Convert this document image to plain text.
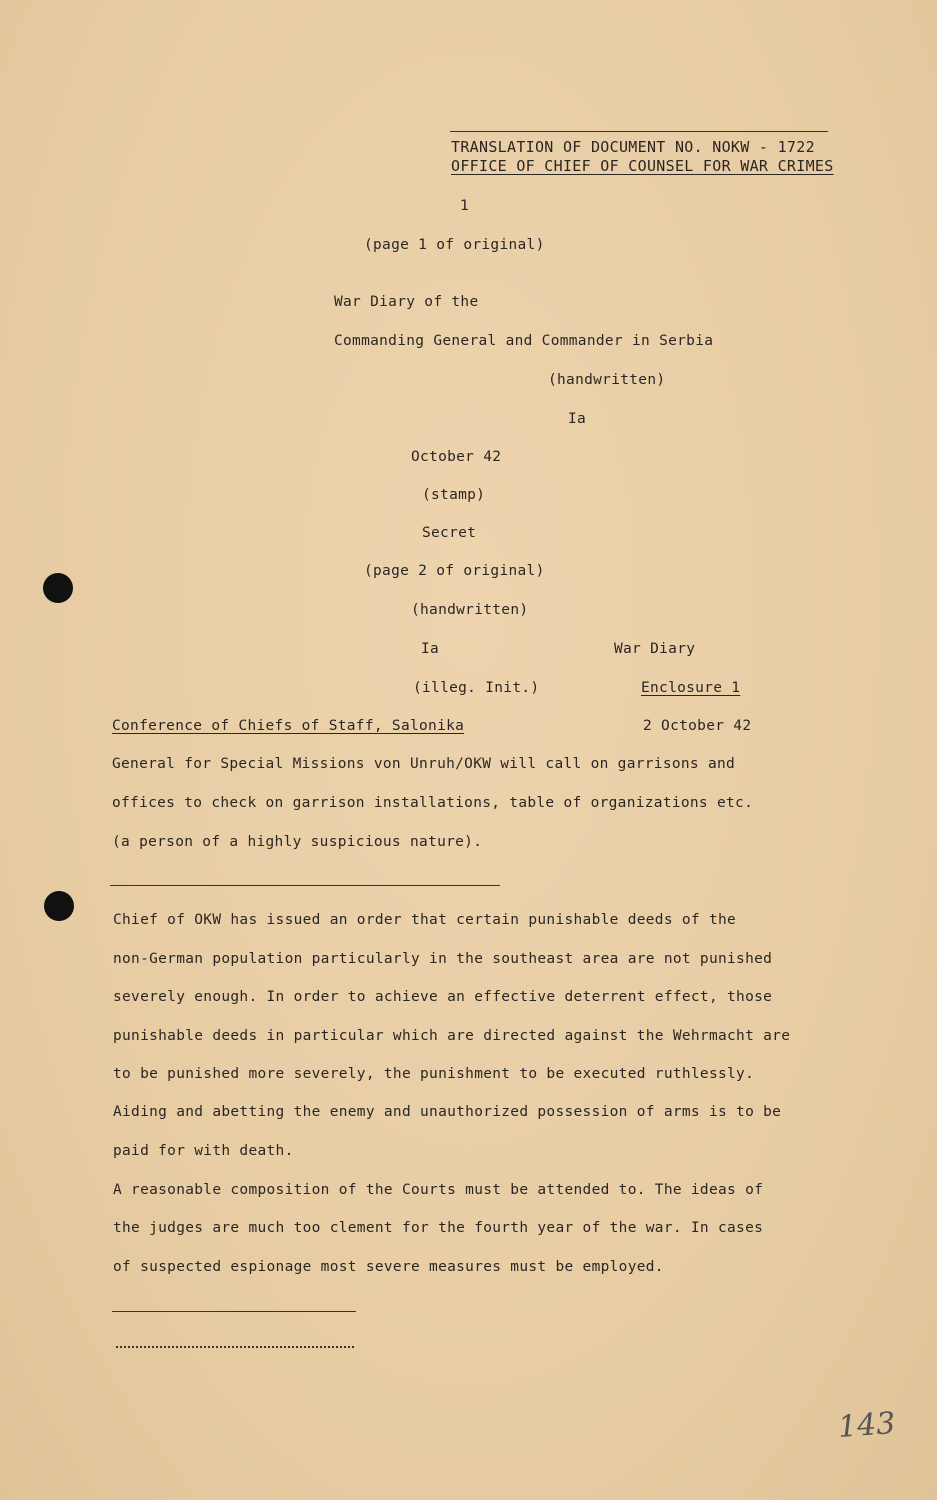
TRANSLATION OF DOCUMENT NO. NOKW - 1722
OFFICE OF CHIEF OF COUNSEL FOR WAR CRIMES
1
(page 1 of original)
War Diary of the
Commanding General and Commander in Serbia
(handwritten)
Ia
October 42
(stamp)
Secret
(page 2 of original)
(handwritten)
Ia	War Diary
(illeg. Init.)	Enclosure 1
Conference of Chiefs of Staff, Salonika	2 October 42
General for Special Missions von Unruh/OKW will call on garrisons and
offices to check on garrison installations, table of organizations etc.
(a person of a highly suspicious nature).
Chief of OKW has issued an order that certain punishable deeds of the
non-German population particularly in the southeast area are not punished
severely enough. In order to achieve an effective deterrent effect, those
punishable deeds in particular which are directed against the Wehrmacht are
to be punished more severely, the punishment to be executed ruthlessly.
Aiding and abetting the enemy and unauthorized possession of arms is to be
paid for with death.
A reasonable composition of the Courts must be attended to. The ideas of
the judges are much too clement for the fourth year of the war. In cases
of suspected espionage most severe measures must be employed.
143
